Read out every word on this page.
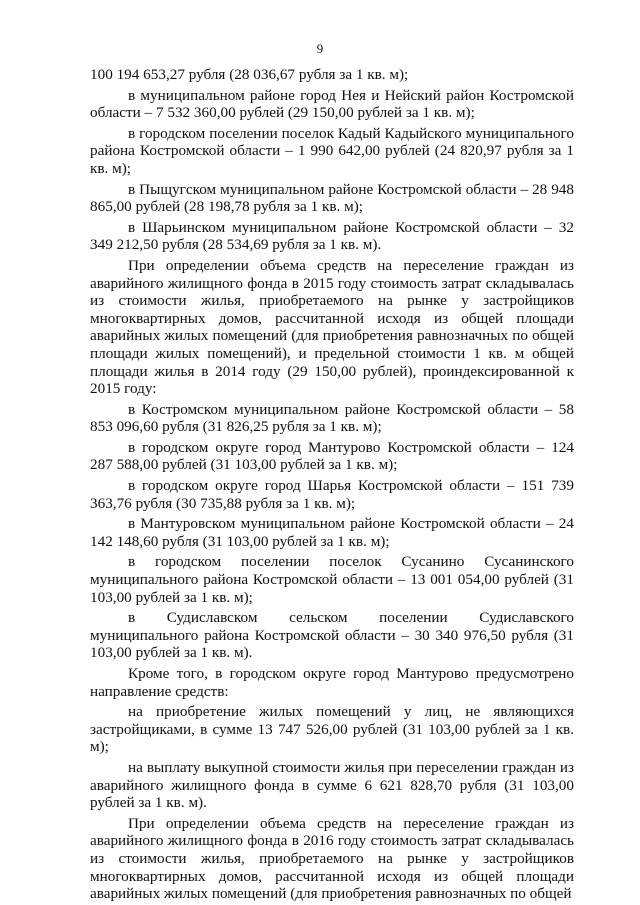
9

100 194 653,27 рубля (28 036,67 рубля за 1 кв. м);

в муниципальном районе город Нея и Нейский район Костромской области – 7 532 360,00 рублей (29 150,00 рублей за 1 кв. м);

в городском поселении поселок Кадый Кадыйского муниципального района Костромской области – 1 990 642,00 рублей (24 820,97 рубля за 1 кв. м);

в Пыщугском муниципальном районе Костромской области – 28 948 865,00 рублей (28 198,78 рубля за 1 кв. м);

в Шарьинском муниципальном районе Костромской области – 32 349 212,50 рубля (28 534,69 рубля за 1 кв. м).

При определении объема средств на переселение граждан из аварийного жилищного фонда в 2015 году стоимость затрат складывалась из стоимости жилья, приобретаемого на рынке у застройщиков многоквартирных домов, рассчитанной исходя из общей площади аварийных жилых помещений (для приобретения равнозначных по общей площади жилых помещений), и предельной стоимости 1 кв. м общей площади жилья в 2014 году (29 150,00 рублей), проиндексированной к 2015 году:

в Костромском муниципальном районе Костромской области – 58 853 096,60 рубля (31 826,25 рубля за 1 кв. м);

в городском округе город Мантурово Костромской области – 124 287 588,00 рублей (31 103,00 рублей за 1 кв. м);

в городском округе город Шарья Костромской области – 151 739 363,76 рубля (30 735,88 рубля за 1 кв. м);

в Мантуровском муниципальном районе Костромской области – 24 142 148,60 рубля (31 103,00 рублей за 1 кв. м);

в городском поселении поселок Сусанино Сусанинского муниципального района Костромской области – 13 001 054,00 рублей (31 103,00 рублей за 1 кв. м);

в Судиславском сельском поселении Судиславского муниципального района Костромской области – 30 340 976,50 рубля (31 103,00 рублей за 1 кв. м).

Кроме того, в городском округе город Мантурово предусмотрено направление средств:

на приобретение жилых помещений у лиц, не являющихся застройщиками, в сумме 13 747 526,00 рублей (31 103,00 рублей за 1 кв. м);

на выплату выкупной стоимости жилья при переселении граждан из аварийного жилищного фонда в сумме 6 621 828,70 рубля (31 103,00 рублей за 1 кв. м).

При определении объема средств на переселение граждан из аварийного жилищного фонда в 2016 году стоимость затрат складывалась из стоимости жилья, приобретаемого на рынке у застройщиков многоквартирных домов, рассчитанной исходя из общей площади аварийных жилых помещений (для приобретения равнозначных по общей
